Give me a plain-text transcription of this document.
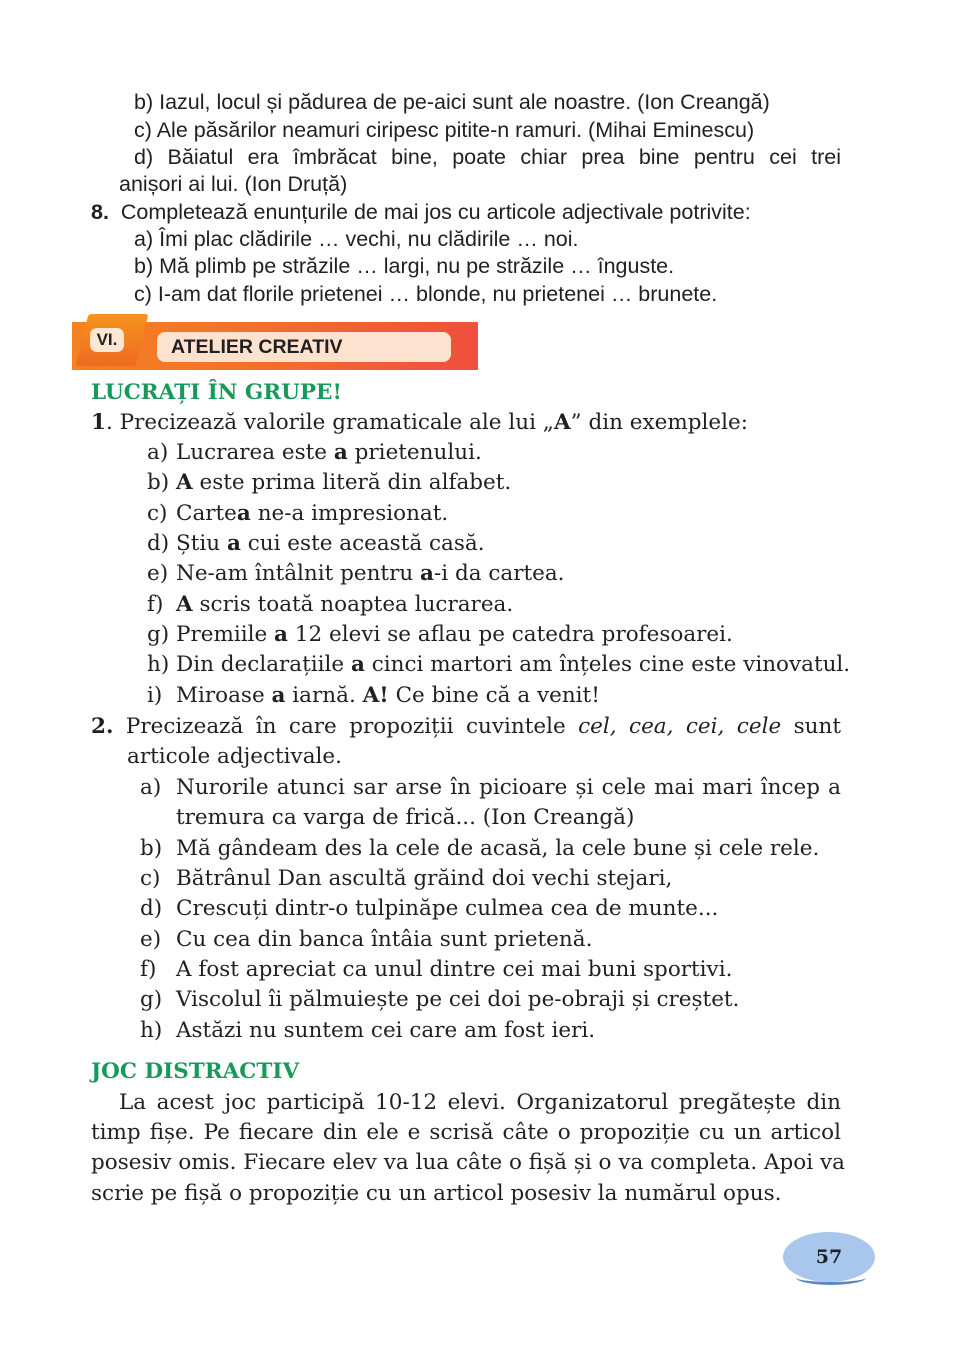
b) Iazul, locul și pădurea de pe-aici sunt ale noastre. (Ion Creangă)
c) Ale păsărilor neamuri ciripesc pitite-n ramuri. (Mihai Eminescu)
d) Băiatul era îmbrăcat bine, poate chiar prea bine pentru cei trei
anișori ai lui. (Ion Druță)
8. Completează enunțurile de mai jos cu articole adjectivale potrivite:
a) Îmi plac clădirile … vechi, nu clădirile … noi.
b) Mă plimb pe străzile … largi, nu pe străzile … înguste.
c) I-am dat florile prietenei … blonde, nu prietenei … brunete.
VI.	ATELIER CREATIV
LUCRAȚI ÎN GRUPE!
1. Precizează valorile gramaticale ale lui „A” din exemplele:
a) Lucrarea este a prietenului.
b) A este prima literă din alfabet.
c) Cartea ne-a impresionat.
d) Știu a cui este această casă.
e) Ne-am întâlnit pentru a-i da cartea.
f) A scris toată noaptea lucrarea.
g) Premiile a 12 elevi se aflau pe catedra profesoarei.
h) Din declarațiile a cinci martori am înțeles cine este vinovatul.
i) Miroase a iarnă. A! Ce bine că a venit!
2. Precizează în care propoziții cuvintele cel, cea, cei, cele sunt
articole adjectivale.
a) Nurorile atunci sar arse în picioare și cele mai mari încep a
tremura ca varga de frică... (Ion Creangă)
b) Mă gândeam des la cele de acasă, la cele bune și cele rele.
c) Bătrânul Dan ascultă grăind doi vechi stejari,
d) Crescuți dintr-o tulpinăpe culmea cea de munte...
e) Cu cea din banca întâia sunt prietenă.
f) A fost apreciat ca unul dintre cei mai buni sportivi.
g) Viscolul îi pălmuiește pe cei doi pe-obraji și creștet.
h) Astăzi nu suntem cei care am fost ieri.
JOC DISTRACTIV
La acest joc participă 10-12 elevi. Organizatorul pregătește din
timp fișe. Pe fiecare din ele e scrisă câte o propoziție cu un articol
posesiv omis. Fiecare elev va lua câte o fișă și o va completa. Apoi va
scrie pe fișă o propoziție cu un articol posesiv la numărul opus.
57
